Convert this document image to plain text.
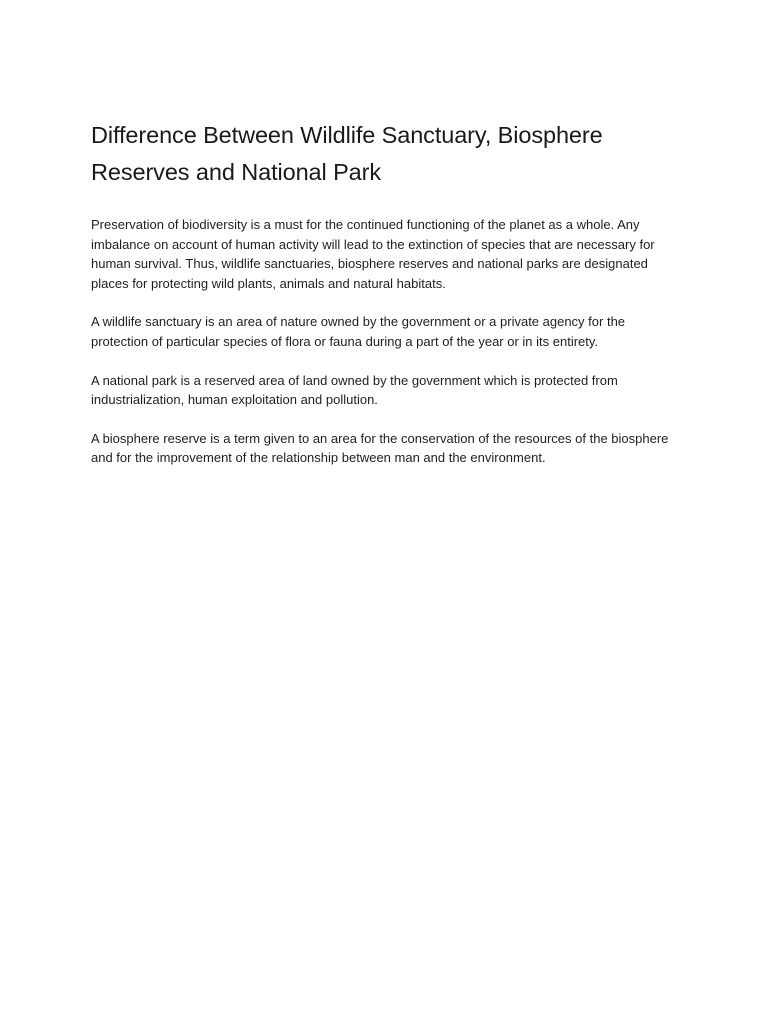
Difference Between Wildlife Sanctuary, Biosphere Reserves and National Park

Preservation of biodiversity is a must for the continued functioning of the planet as a whole. Any imbalance on account of human activity will lead to the extinction of species that are necessary for human survival. Thus, wildlife sanctuaries, biosphere reserves and national parks are designated places for protecting wild plants, animals and natural habitats.

A wildlife sanctuary is an area of nature owned by the government or a private agency for the protection of particular species of flora or fauna during a part of the year or in its entirety.

A national park is a reserved area of land owned by the government which is protected from industrialization, human exploitation and pollution.

A biosphere reserve is a term given to an area for the conservation of the resources of the biosphere and for the improvement of the relationship between man and the environment.
